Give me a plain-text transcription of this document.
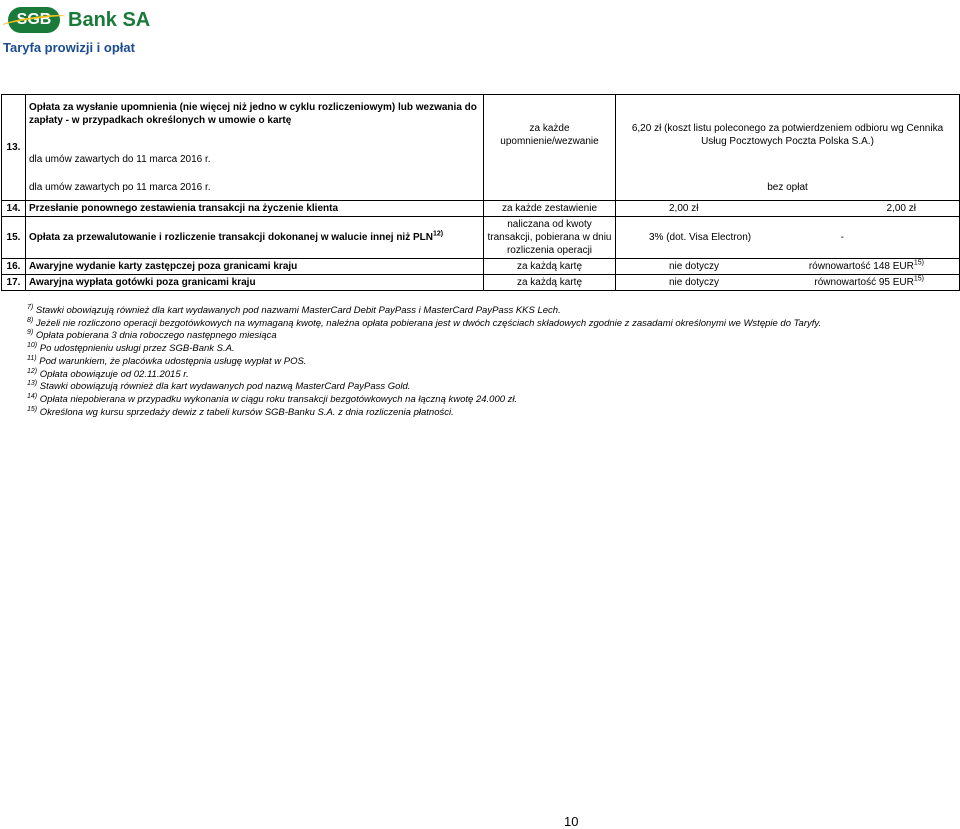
SGB Bank SA
Taryfa prowizji i opłat
13.	Opłata za wysłanie upomnienia (nie więcej niż jedno w cyklu rozliczeniowym) lub wezwania do zapłaty - w przypadkach określonych w umowie o kartę	za każde upomnienie/wezwanie	6,20 zł (koszt listu poleconego za potwierdzeniem odbioru wg Cennika Usług Pocztowych Poczta Polska S.A.)
	dla umów zawartych do 11 marca 2016 r.		
	dla umów zawartych po 11 marca 2016 r.		bez opłat
14.	Przesłanie ponownego zestawienia transakcji na życzenie klienta	za każde zestawienie	2,00 zł 2,00 zł

15.	Opłata za przewalutowanie i rozliczenie transakcji dokonanej w walucie innej niż PLN$^{12)}$	naliczana od kwoty transakcji, pobierana w dniu rozliczenia operacji	3% (dot. Visa Electron) -

16.	Awaryjne wydanie karty zastępczej poza granicami kraju	za każdą kartę	nie dotyczy równowartość 148 EUR$^{15)}$

17.	Awaryjna wypłata gotówki poza granicami kraju	za każdą kartę	nie dotyczy równowartość 95 EUR$^{15)}$
$^{7)}$ Stawki obowiązują również dla kart wydawanych pod nazwami MasterCard Debit PayPass i MasterCard PayPass KKS Lech.
$^{8)}$ Jeżeli nie rozliczono operacji bezgotówkowych na wymaganą kwotę, należna opłata pobierana jest w dwóch częściach składowych zgodnie z zasadami określonymi we Wstępie do Taryfy.
$^{9)}$ Opłata pobierana 3 dnia roboczego następnego miesiąca
$^{10)}$ Po udostępnieniu usługi przez SGB-Bank S.A.
$^{11)}$ Pod warunkiem, że placówka udostępnia usługę wypłat w POS.
$^{12)}$ Opłata obowiązuje od 02.11.2015 r.
$^{13)}$ Stawki obowiązują również dla kart wydawanych pod nazwą MasterCard PayPass Gold.
$^{14)}$ Opłata niepobierana w przypadku wykonania w ciągu roku transakcji bezgotówkowych na łączną kwotę 24.000 zł.
$^{15)}$ Określona wg kursu sprzedaży dewiz z tabeli kursów SGB-Banku S.A. z dnia rozliczenia płatności.
10
